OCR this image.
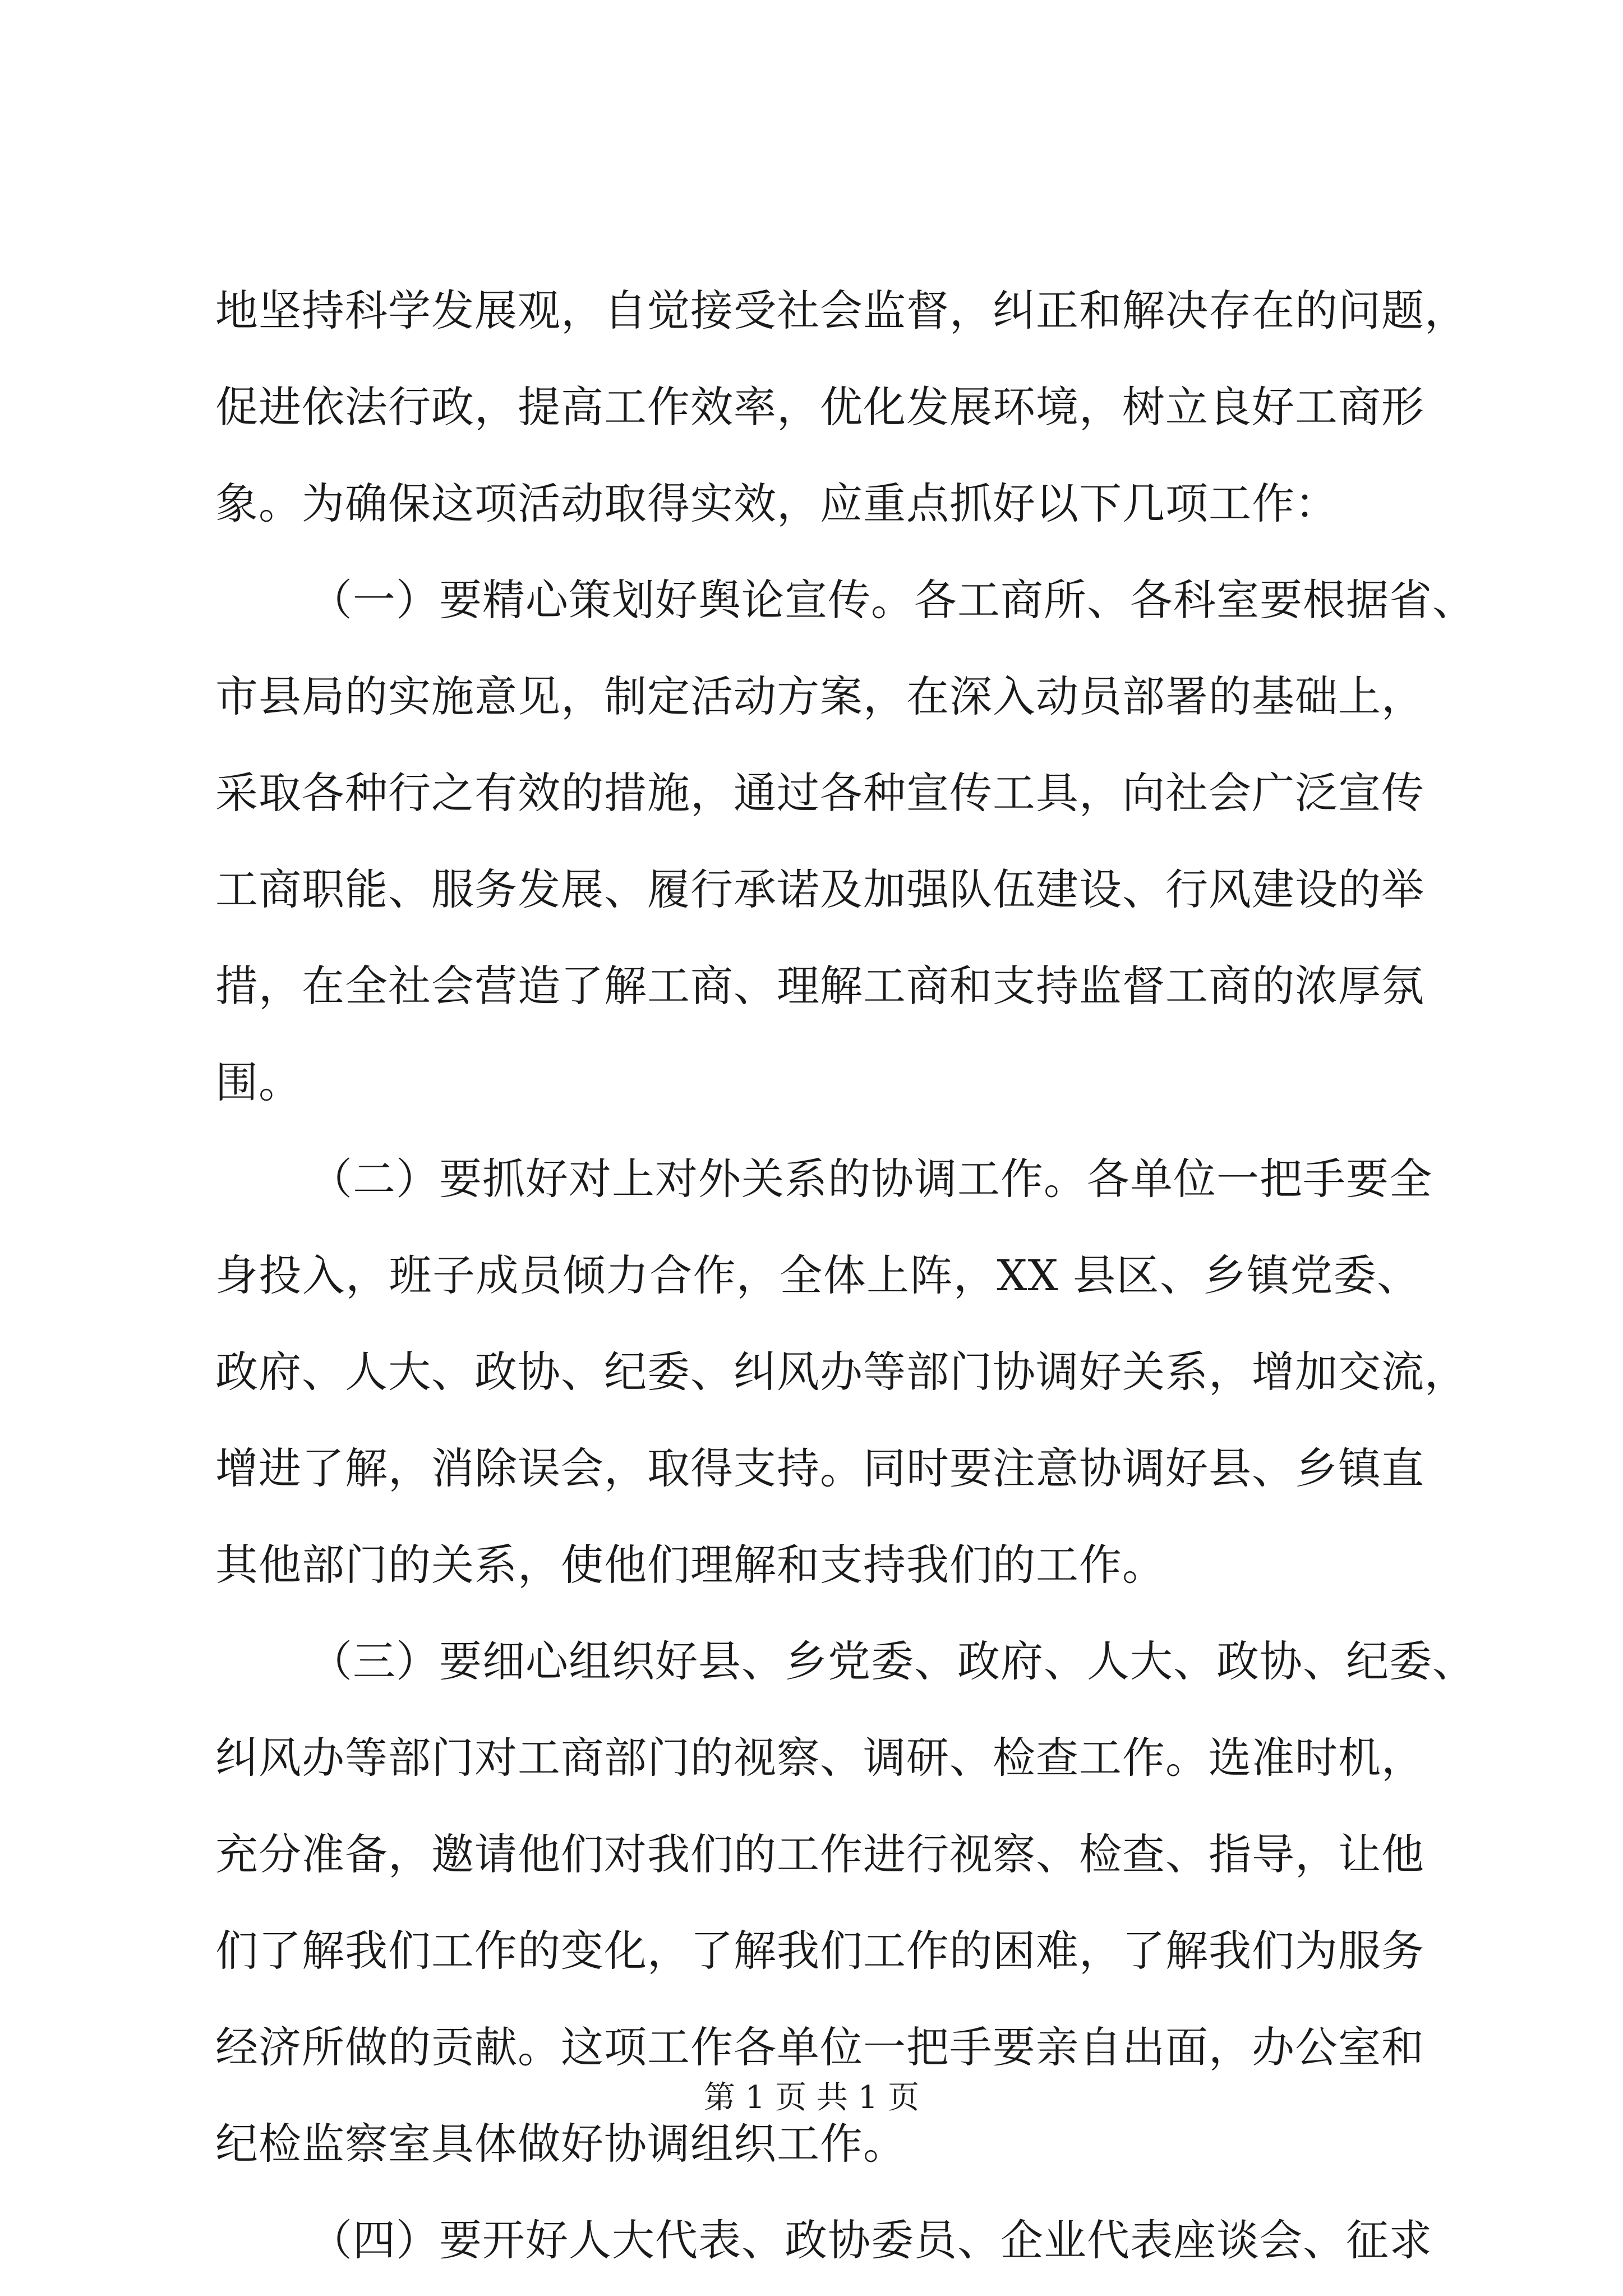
地坚持科学发展观，自觉接受社会监督，纠正和解决存在的问题，
促进依法行政，提高工作效率，优化发展环境，树立良好工商形
象。为确保这项活动取得实效，应重点抓好以下几项工作：
（一）要精心策划好舆论宣传。各工商所、各科室要根据省、
市县局的实施意见，制定活动方案，在深入动员部署的基础上，
采取各种行之有效的措施，通过各种宣传工具，向社会广泛宣传
工商职能、服务发展、履行承诺及加强队伍建设、行风建设的举
措，在全社会营造了解工商、理解工商和支持监督工商的浓厚氛
围。
（二）要抓好对上对外关系的协调工作。各单位一把手要全
身投入，班子成员倾力合作，全体上阵，XX 县区、乡镇党委、
政府、人大、政协、纪委、纠风办等部门协调好关系，增加交流，
增进了解，消除误会，取得支持。同时要注意协调好县、乡镇直
其他部门的关系，使他们理解和支持我们的工作。
（三）要细心组织好县、乡党委、政府、人大、政协、纪委、
纠风办等部门对工商部门的视察、调研、检查工作。选准时机，
充分准备，邀请他们对我们的工作进行视察、检查、指导，让他
们了解我们工作的变化，了解我们工作的困难，了解我们为服务
经济所做的贡献。这项工作各单位一把手要亲自出面，办公室和
纪检监察室具体做好协调组织工作。
（四）要开好人大代表、政协委员、企业代表座谈会、征求
第 1 页 共 1 页
